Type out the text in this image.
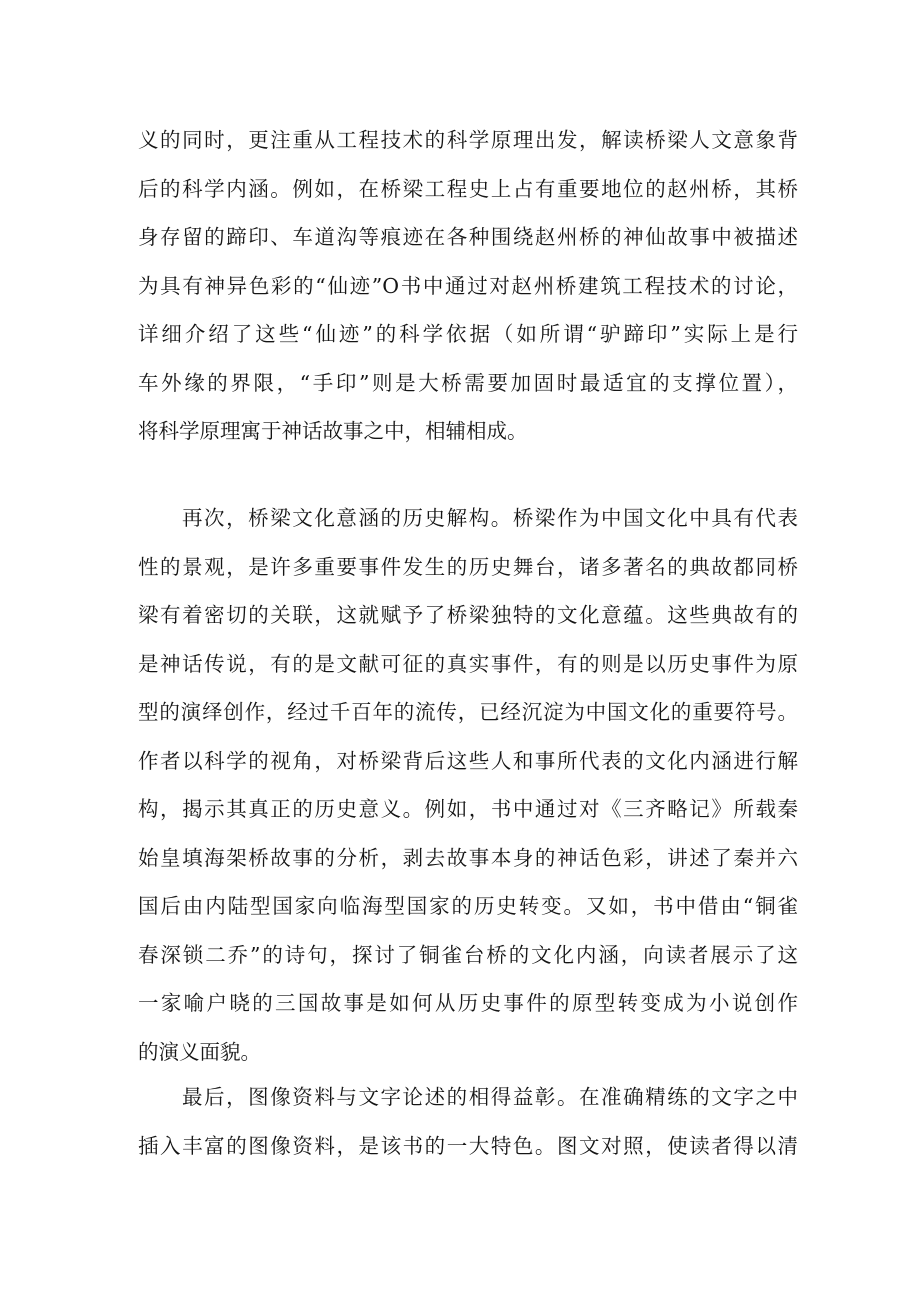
义的同时，更注重从工程技术的科学原理出发，解读桥梁人文意象背
后的科学内涵。例如，在桥梁工程史上占有重要地位的赵州桥，其桥
身存留的蹄印、车道沟等痕迹在各种围绕赵州桥的神仙故事中被描述
为具有神异色彩的“仙迹”O书中通过对赵州桥建筑工程技术的讨论，
详细介绍了这些“仙迹”的科学依据（如所谓“驴蹄印”实际上是行
车外缘的界限，“手印”则是大桥需要加固时最适宜的支撑位置），
将科学原理寓于神话故事之中，相辅相成。

再次，桥梁文化意涵的历史解构。桥梁作为中国文化中具有代表
性的景观，是许多重要事件发生的历史舞台，诸多著名的典故都同桥
梁有着密切的关联，这就赋予了桥梁独特的文化意蕴。这些典故有的
是神话传说，有的是文献可征的真实事件，有的则是以历史事件为原
型的演绎创作，经过千百年的流传，已经沉淀为中国文化的重要符号。
作者以科学的视角，对桥梁背后这些人和事所代表的文化内涵进行解
构，揭示其真正的历史意义。例如，书中通过对《三齐略记》所载秦
始皇填海架桥故事的分析，剥去故事本身的神话色彩，讲述了秦并六
国后由内陆型国家向临海型国家的历史转变。又如，书中借由“铜雀
春深锁二乔”的诗句，探讨了铜雀台桥的文化内涵，向读者展示了这
一家喻户晓的三国故事是如何从历史事件的原型转变成为小说创作
的演义面貌。

最后，图像资料与文字论述的相得益彰。在准确精练的文字之中
插入丰富的图像资料，是该书的一大特色。图文对照，使读者得以清
